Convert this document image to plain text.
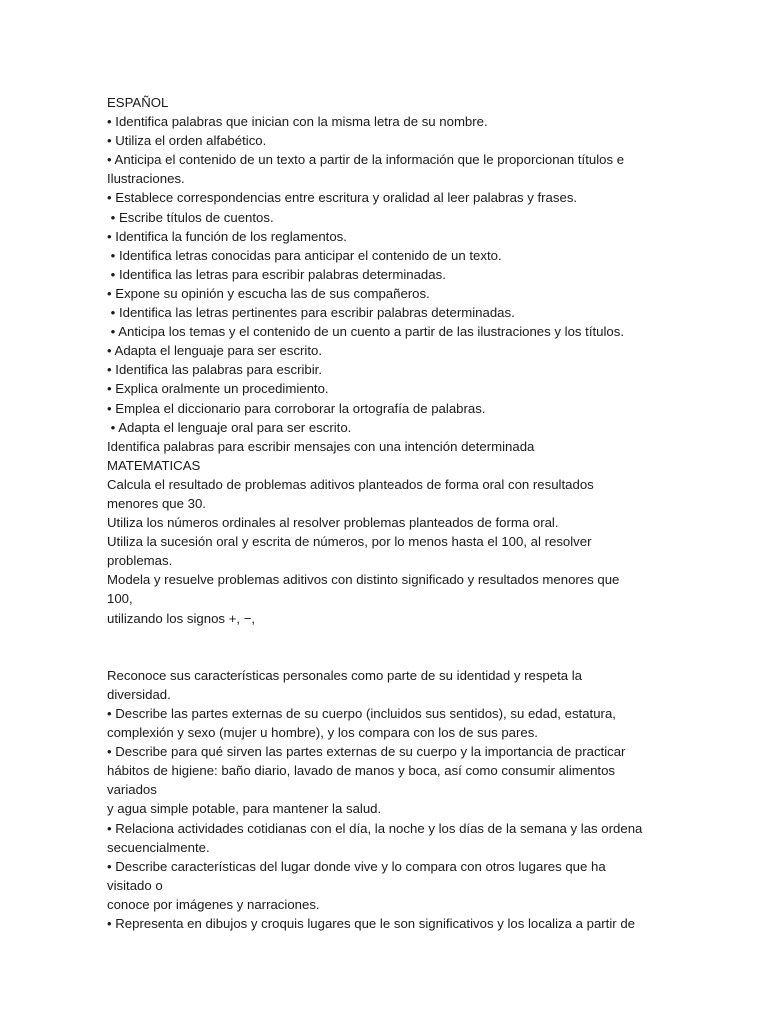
ESPAÑOL
• Identifica palabras que inician con la misma letra de su nombre.
• Utiliza el orden alfabético.
• Anticipa el contenido de un texto a partir de la información que le proporcionan títulos e
Ilustraciones.
• Establece correspondencias entre escritura y oralidad al leer palabras y frases.
• Escribe títulos de cuentos.
• Identifica la función de los reglamentos.
• Identifica letras conocidas para anticipar el contenido de un texto.
• Identifica las letras para escribir palabras determinadas.
• Expone su opinión y escucha las de sus compañeros.
• Identifica las letras pertinentes para escribir palabras determinadas.
• Anticipa los temas y el contenido de un cuento a partir de las ilustraciones y los títulos.
• Adapta el lenguaje para ser escrito.
• Identifica las palabras para escribir.
• Explica oralmente un procedimiento.
• Emplea el diccionario para corroborar la ortografía de palabras.
• Adapta el lenguaje oral para ser escrito.
Identifica palabras para escribir mensajes con una intención determinada
MATEMATICAS
Calcula el resultado de problemas aditivos planteados de forma oral con resultados
menores que 30.
Utiliza los números ordinales al resolver problemas planteados de forma oral.
Utiliza la sucesión oral y escrita de números, por lo menos hasta el 100, al resolver
problemas.
Modela y resuelve problemas aditivos con distinto significado y resultados menores que
100,
utilizando los signos +, −,
Reconoce sus características personales como parte de su identidad y respeta la
diversidad.
• Describe las partes externas de su cuerpo (incluidos sus sentidos), su edad, estatura,
complexión y sexo (mujer u hombre), y los compara con los de sus pares.
• Describe para qué sirven las partes externas de su cuerpo y la importancia de practicar
hábitos de higiene: baño diario, lavado de manos y boca, así como consumir alimentos
variados
y agua simple potable, para mantener la salud.
• Relaciona actividades cotidianas con el día, la noche y los días de la semana y las ordena
secuencialmente.
• Describe características del lugar donde vive y lo compara con otros lugares que ha
visitado o
conoce por imágenes y narraciones.
• Representa en dibujos y croquis lugares que le son significativos y los localiza a partir de
